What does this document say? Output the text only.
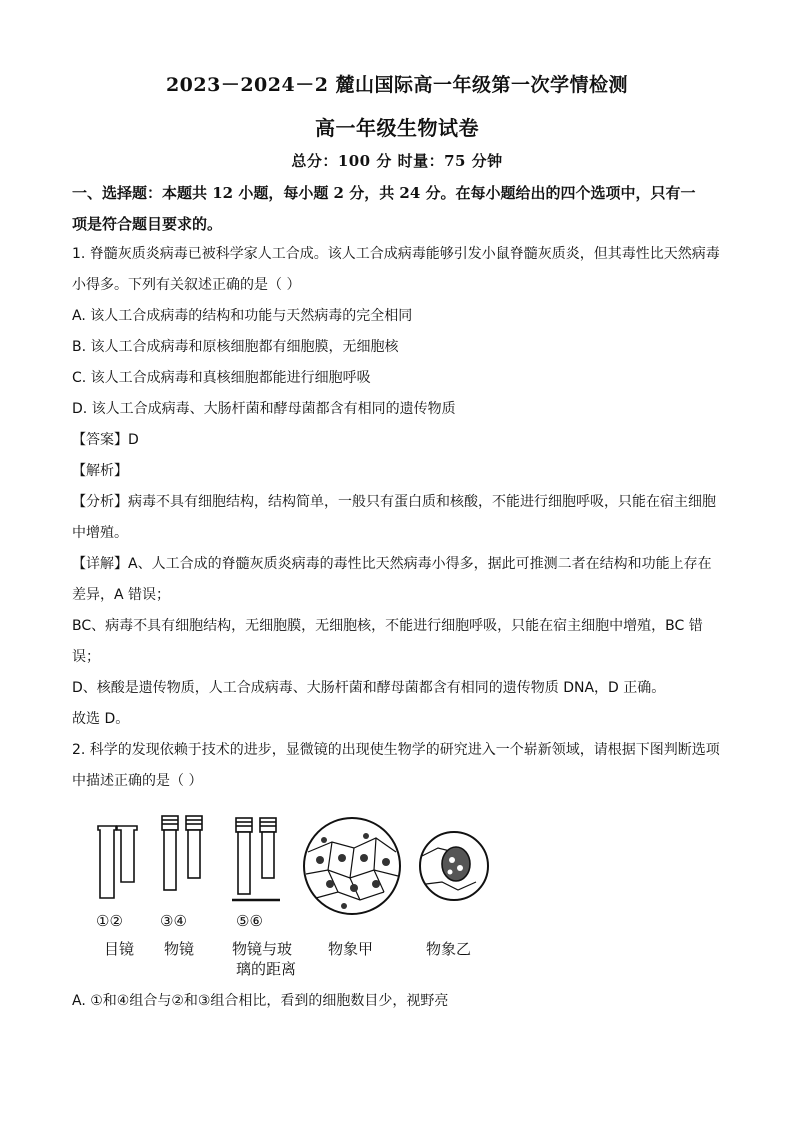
2023－2024－2 麓山国际高一年级第一次学情检测
高一年级生物试卷
总分：100 分 时量：75 分钟
一、选择题：本题共 12 小题，每小题 2 分，共 24 分。在每小题给出的四个选项中，只有一
项是符合题目要求的。
1. 脊髓灰质炎病毒已被科学家人工合成。该人工合成病毒能够引发小鼠脊髓灰质炎，但其毒性比天然病毒
小得多。下列有关叙述正确的是（ ）
A. 该人工合成病毒的结构和功能与天然病毒的完全相同
B. 该人工合成病毒和原核细胞都有细胞膜，无细胞核
C. 该人工合成病毒和真核细胞都能进行细胞呼吸
D. 该人工合成病毒、大肠杆菌和酵母菌都含有相同的遗传物质
【答案】D
【解析】
【分析】病毒不具有细胞结构，结构简单，一般只有蛋白质和核酸，不能进行细胞呼吸，只能在宿主细胞
中增殖。
【详解】A、人工合成的脊髓灰质炎病毒的毒性比天然病毒小得多，据此可推测二者在结构和功能上存在
差异，A 错误；
BC、病毒不具有细胞结构，无细胞膜，无细胞核，不能进行细胞呼吸，只能在宿主细胞中增殖，BC 错
误；
D、核酸是遗传物质，人工合成病毒、大肠杆菌和酵母菌都含有相同的遗传物质 DNA，D 正确。
故选 D。
2. 科学的发现依赖于技术的进步，显微镜的出现使生物学的研究进入一个崭新领域，请根据下图判断选项
中描述正确的是（ ）
①②
目镜
③④
物镜
⑤⑥
物镜与玻
璃的距离
物象甲	物象乙
A. ①和④组合与②和③组合相比，看到的细胞数目少，视野亮
